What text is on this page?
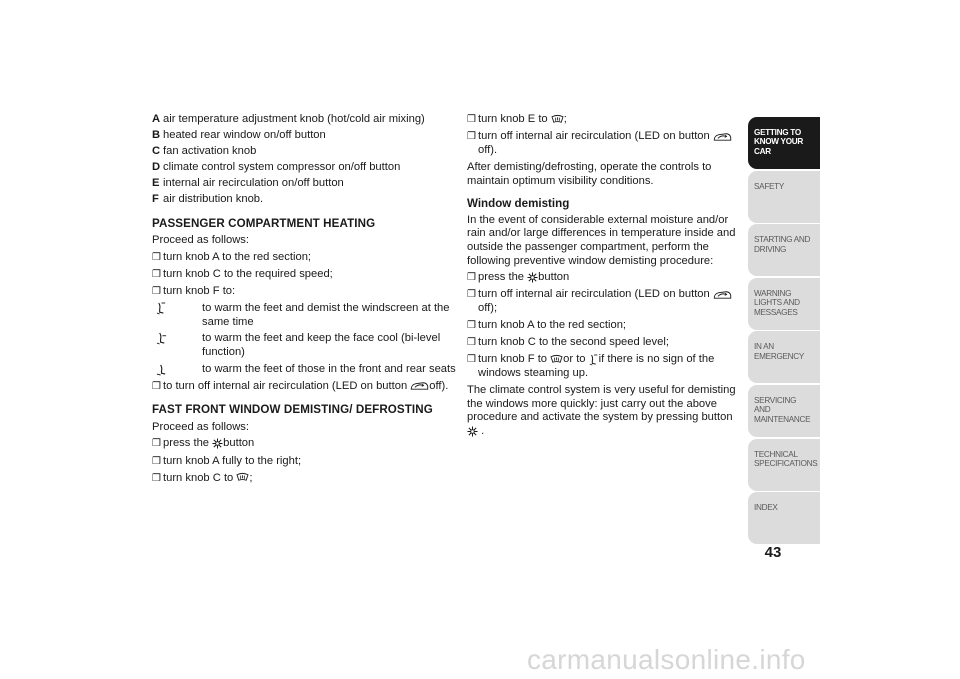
A air temperature adjustment knob (hot/cold air mixing)
B heated rear window on/off button
C fan activation knob
D climate control system compressor on/off button
E internal air recirculation on/off button
F air distribution knob.
PASSENGER COMPARTMENT HEATING

Proceed as follows:

❒ turn knob A to the red section;
❒ turn knob C to the required speed;
❒ turn knob F to:
to warm the feet and demist the windscreen at the same time
to warm the feet and keep the face cool (bi-level function)
to warm the feet of those in the front and rear seats
❒ to turn off internal air recirculation (LED on button off).
FAST FRONT WINDOW DEMISTING/ DEFROSTING

Proceed as follows:

❒ press the button
❒ turn knob A fully to the right;
❒ turn knob C to ;
❒ turn knob E to ;
❒ turn off internal air recirculation (LED on button off).

After demisting/defrosting, operate the controls to maintain optimum visibility conditions.

Window demisting

In the event of considerable external moisture and/or rain and/or large differences in temperature inside and outside the passenger compartment, perform the following preventive window demisting procedure:

❒ press the button
❒ turn off internal air recirculation (LED on button off);
❒ turn knob A to the red section;
❒ turn knob C to the second speed level;
❒ turn knob F to or to if there is no sign of the windows steaming up.

The climate control system is very useful for demisting the windows more quickly: just carry out the above procedure and activate the system by pressing button  .

GETTING TO KNOW YOUR CAR
SAFETY
STARTING AND DRIVING
WARNING LIGHTS AND MESSAGES
IN AN EMERGENCY
SERVICING AND MAINTENANCE
TECHNICAL SPECIFICATIONS
INDEX
43
carmanualsonline.info
